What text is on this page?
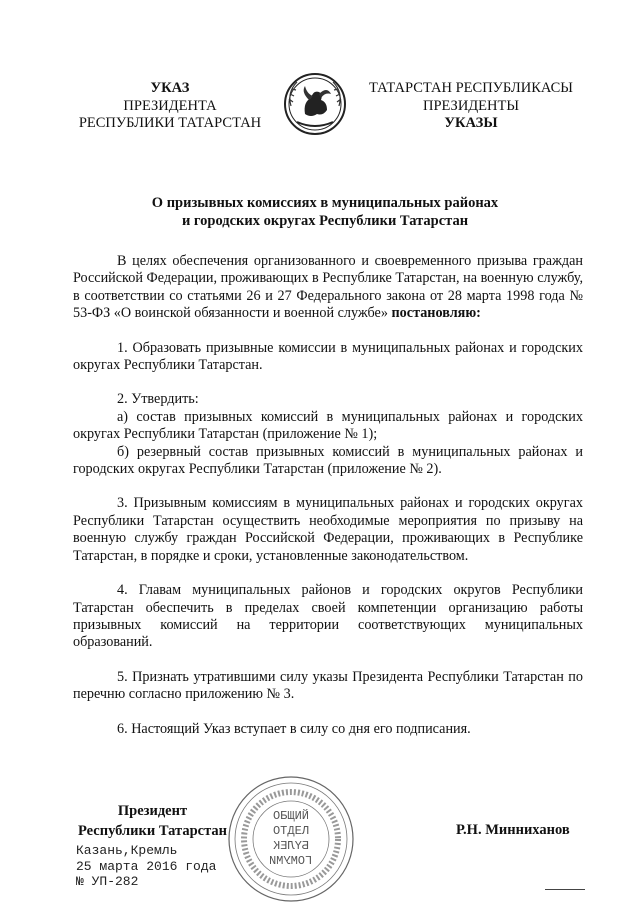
УКАЗ
ПРЕЗИДЕНТА
РЕСПУБЛИКИ ТАТАРСТАН
ТАТАРСТАН РЕСПУБЛИКАСЫ
ПРЕЗИДЕНТЫ
УКАЗЫ
О призывных комиссиях в муниципальных районах
и городских округах Республики Татарстан

В целях обеспечения организованного и своевременного призыва граждан Российской Федерации, проживающих в Республике Татарстан, на военную службу, в соответствии со статьями 26 и 27 Федерального закона от 28 марта 1998 года № 53-ФЗ «О воинской обязанности и военной службе» постановляю:

1. Образовать призывные комиссии в муниципальных районах и городских округах Республики Татарстан.

2. Утвердить:

а) состав призывных комиссий в муниципальных районах и городских округах Республики Татарстан (приложение № 1);

б) резервный состав призывных комиссий в муниципальных районах и городских округах Республики Татарстан (приложение № 2).

3. Призывным комиссиям в муниципальных районах и городских округах Республики Татарстан осуществить необходимые мероприятия по призыву на военную службу граждан Российской Федерации, проживающих в Республике Татарстан, в порядке и сроки, установленные законодательством.

4. Главам муниципальных районов и городских округов Республики Татарстан обеспечить в пределах своей компетенции организацию работы призывных комиссий на территории соответствующих муниципальных образований.

5. Признать утратившими силу указы Президента Республики Татарстан по перечню согласно приложению № 3.

6. Настоящий Указ вступает в силу со дня его подписания.

Президент
Республики Татарстан
ОБЩИЙ
ОТДЕЛ
БҮЛЕК
ГОМУМИ
Р.Н. Минниханов
Казань,Кремль
25 марта 2016 года
№ УП-282
